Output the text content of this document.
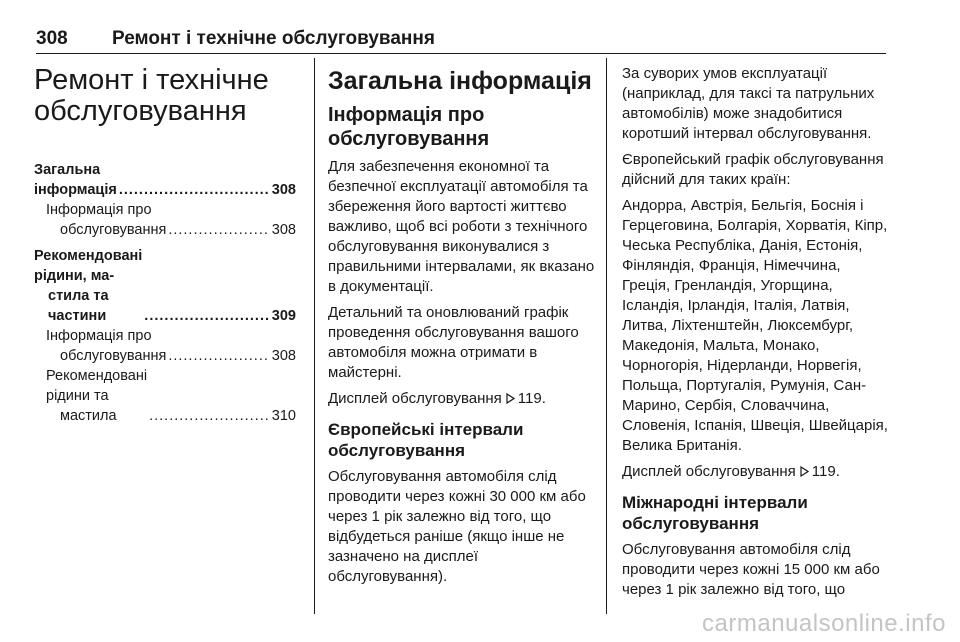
308 Ремонт і технічне обслуговування
Ремонт і технічне
обслуговування
Загальна інформація .....	308
Інформація про
обслуговування .....	308
Рекомендовані рідини, ма-
стила та частини .....	309
Інформація про
обслуговування .....	308
Рекомендовані рідини та
мастила .....	310
Загальна інформація
Інформація про обслуговування

Для забезпечення економної та безпечної експлуатації автомобіля та збереження його вартості життєво важливо, щоб всі роботи з технічного обслуговування виконувалися з правильними інтервалами, як вказано в документації.

Детальний та оновлюваний графік проведення обслуговування вашого автомобіля можна отримати в майстерні.

Дисплей обслуговування 119.

Європейські інтервали обслуговування

Обслуговування автомобіля слід проводити через кожні 30 000 км або через 1 рік залежно від того, що відбудеться раніше (якщо інше не зазначено на дисплеї обслуговування).

За суворих умов експлуатації (наприклад, для таксі та патрульних автомобілів) може знадобитися коротший інтервал обслуговування.

Європейський графік обслуговування дійсний для таких країн:

Андорра, Австрія, Бельгія, Боснія і Герцеговина, Болгарія, Хорватія, Кіпр, Чеська Республіка, Данія, Естонія, Фінляндія, Франція, Німеччина, Греція, Гренландія, Угорщина, Ісландія, Ірландія, Італія, Латвія, Литва, Ліхтенштейн, Люксембург, Македонія, Мальта, Монако, Чорногорія, Нідерланди, Норвегія, Польща, Португалія, Румунія, Сан-Марино, Сербія, Словаччина, Словенія, Іспанія, Швеція, Швейцарія, Велика Британія.

Дисплей обслуговування 119.

Міжнародні інтервали обслуговування

Обслуговування автомобіля слід проводити через кожні 15 000 км або через 1 рік залежно від того, що

carmanualsonline.info
